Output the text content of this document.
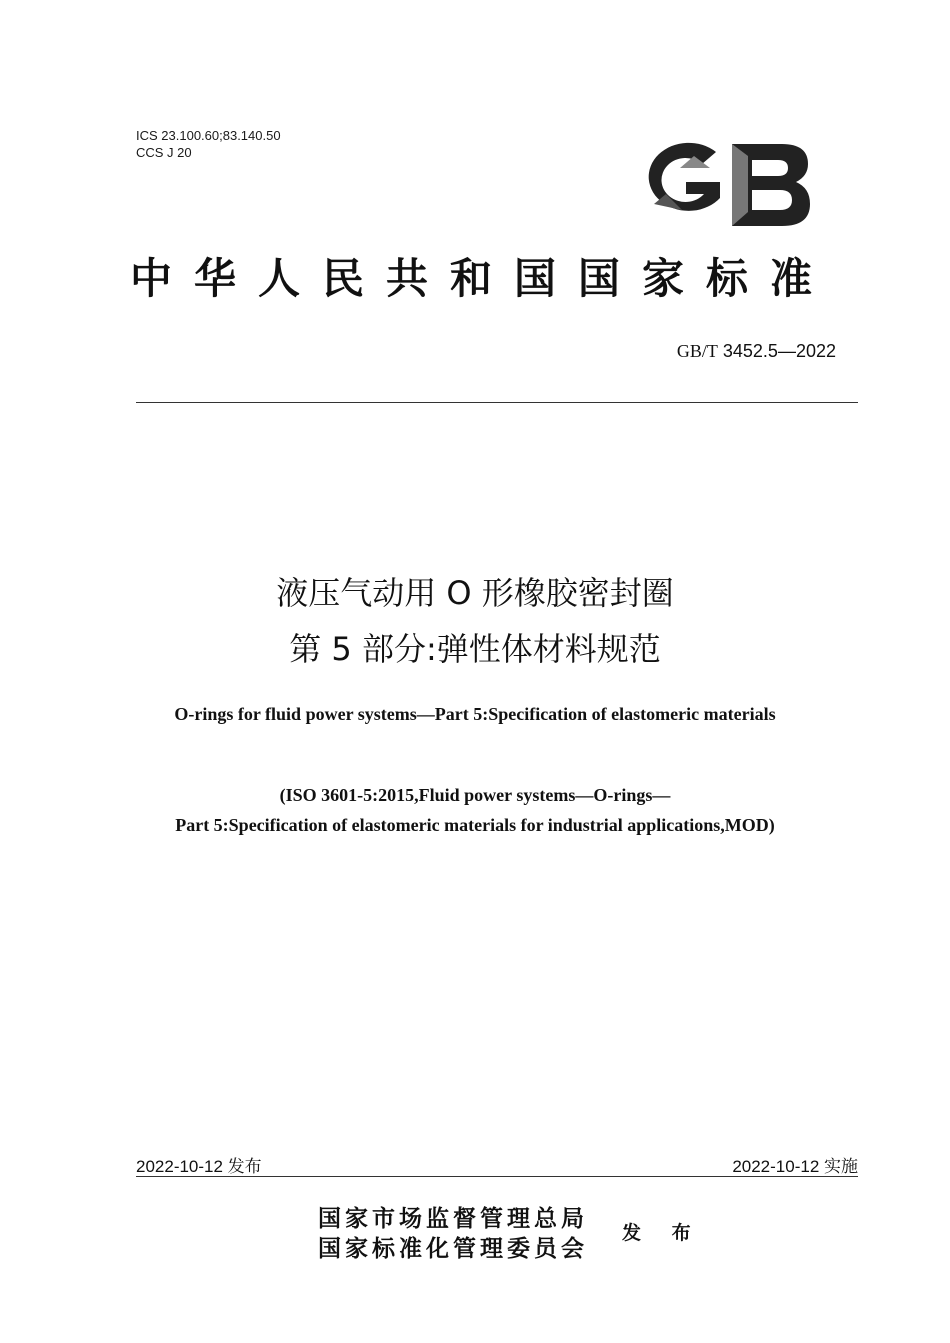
ICS 23.100.60;83.140.50
CCS J 20
中华人民共和国国家标准
GB/T 3452.5—2022
液压气动用 O 形橡胶密封圈
第 5 部分:弹性体材料规范
O-rings for fluid power systems—Part 5:Specification of elastomeric materials
(ISO 3601-5:2015,Fluid power systems—O-rings—
Part 5:Specification of elastomeric materials for industrial applications,MOD)
2022-10-12 发布	2022-10-12 实施
国家市场监督管理总局
国家标准化管理委员会
发 布
